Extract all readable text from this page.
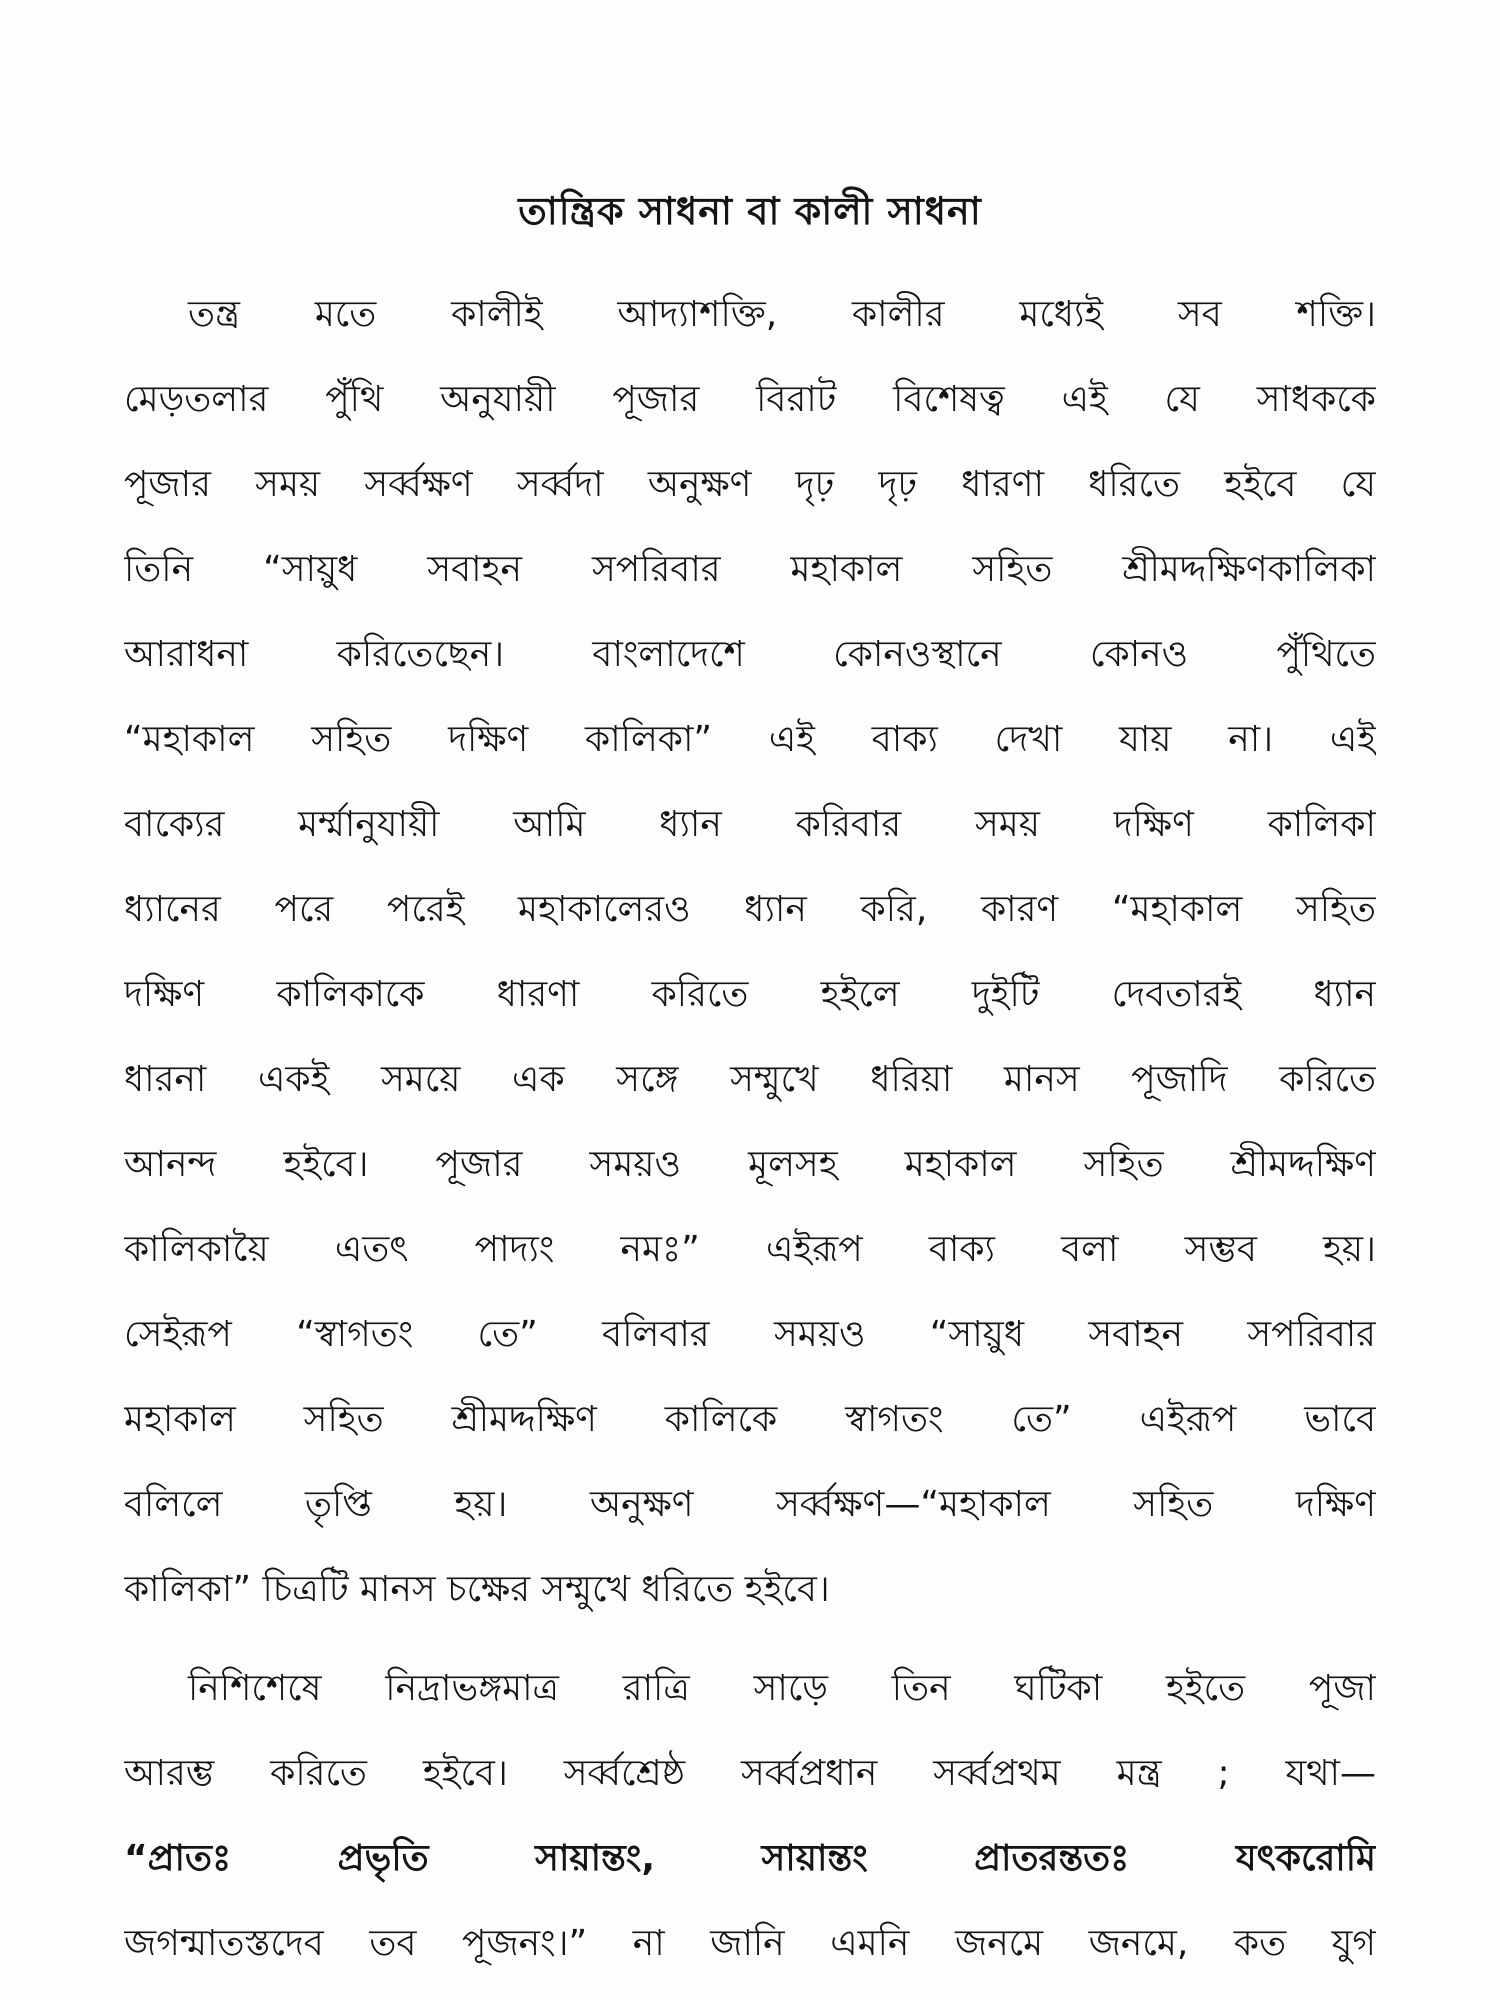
তান্ত্রিক সাধনা বা কালী সাধনা
তন্ত্র মতে কালীই আদ্যাশক্তি, কালীর মধ্যেই সব শক্তি।
মেড়তলার পুঁথি অনুযায়ী পূজার বিরাট বিশেষত্ব এই যে সাধককে
পূজার সময় সর্ব্বক্ষণ সর্ব্বদা অনুক্ষণ দৃঢ় দৃঢ় ধারণা ধরিতে হইবে যে
তিনি “সায়ুধ সবাহন সপরিবার মহাকাল সহিত শ্রীমদ্দক্ষিণকালিকা
আরাধনা করিতেছেন। বাংলাদেশে কোনওস্থানে কোনও পুঁথিতে
“মহাকাল সহিত দক্ষিণ কালিকা” এই বাক্য দেখা যায় না। এই
বাক্যের মর্ম্মানুযায়ী আমি ধ্যান করিবার সময় দক্ষিণ কালিকা
ধ্যানের পরে পরেই মহাকালেরও ধ্যান করি, কারণ “মহাকাল সহিত
দক্ষিণ কালিকাকে ধারণা করিতে হইলে দুইটি দেবতারই ধ্যান
ধারনা একই সময়ে এক সঙ্গে সম্মুখে ধরিয়া মানস পূজাদি করিতে
আনন্দ হইবে। পূজার সময়ও মূলসহ মহাকাল সহিত শ্রীমদ্দক্ষিণ
কালিকায়ৈ এতৎ পাদ্যং নমঃ” এইরূপ বাক্য বলা সম্ভব হয়।
সেইরূপ “স্বাগতং তে” বলিবার সময়ও “সায়ুধ সবাহন সপরিবার
মহাকাল সহিত শ্রীমদ্দক্ষিণ কালিকে স্বাগতং তে” এইরূপ ভাবে
বলিলে তৃপ্তি হয়। অনুক্ষণ সর্ব্বক্ষণ—“মহাকাল সহিত দক্ষিণ
কালিকা” চিত্রটি মানস চক্ষের সম্মুখে ধরিতে হইবে।
নিশিশেষে নিদ্রাভঙ্গমাত্র রাত্রি সাড়ে তিন ঘটিকা হইতে পূজা
আরম্ভ করিতে হইবে। সর্ব্বশ্রেষ্ঠ সর্ব্বপ্রধান সর্ব্বপ্রথম মন্ত্র ; যথা—
“প্রাতঃ প্রভৃতি সায়ান্তং, সায়ান্তং প্রাতরন্ততঃ যৎকরোমি
জগন্মাতস্তদেব তব পূজনং।” না জানি এমনি জনমে জনমে, কত যুগ
